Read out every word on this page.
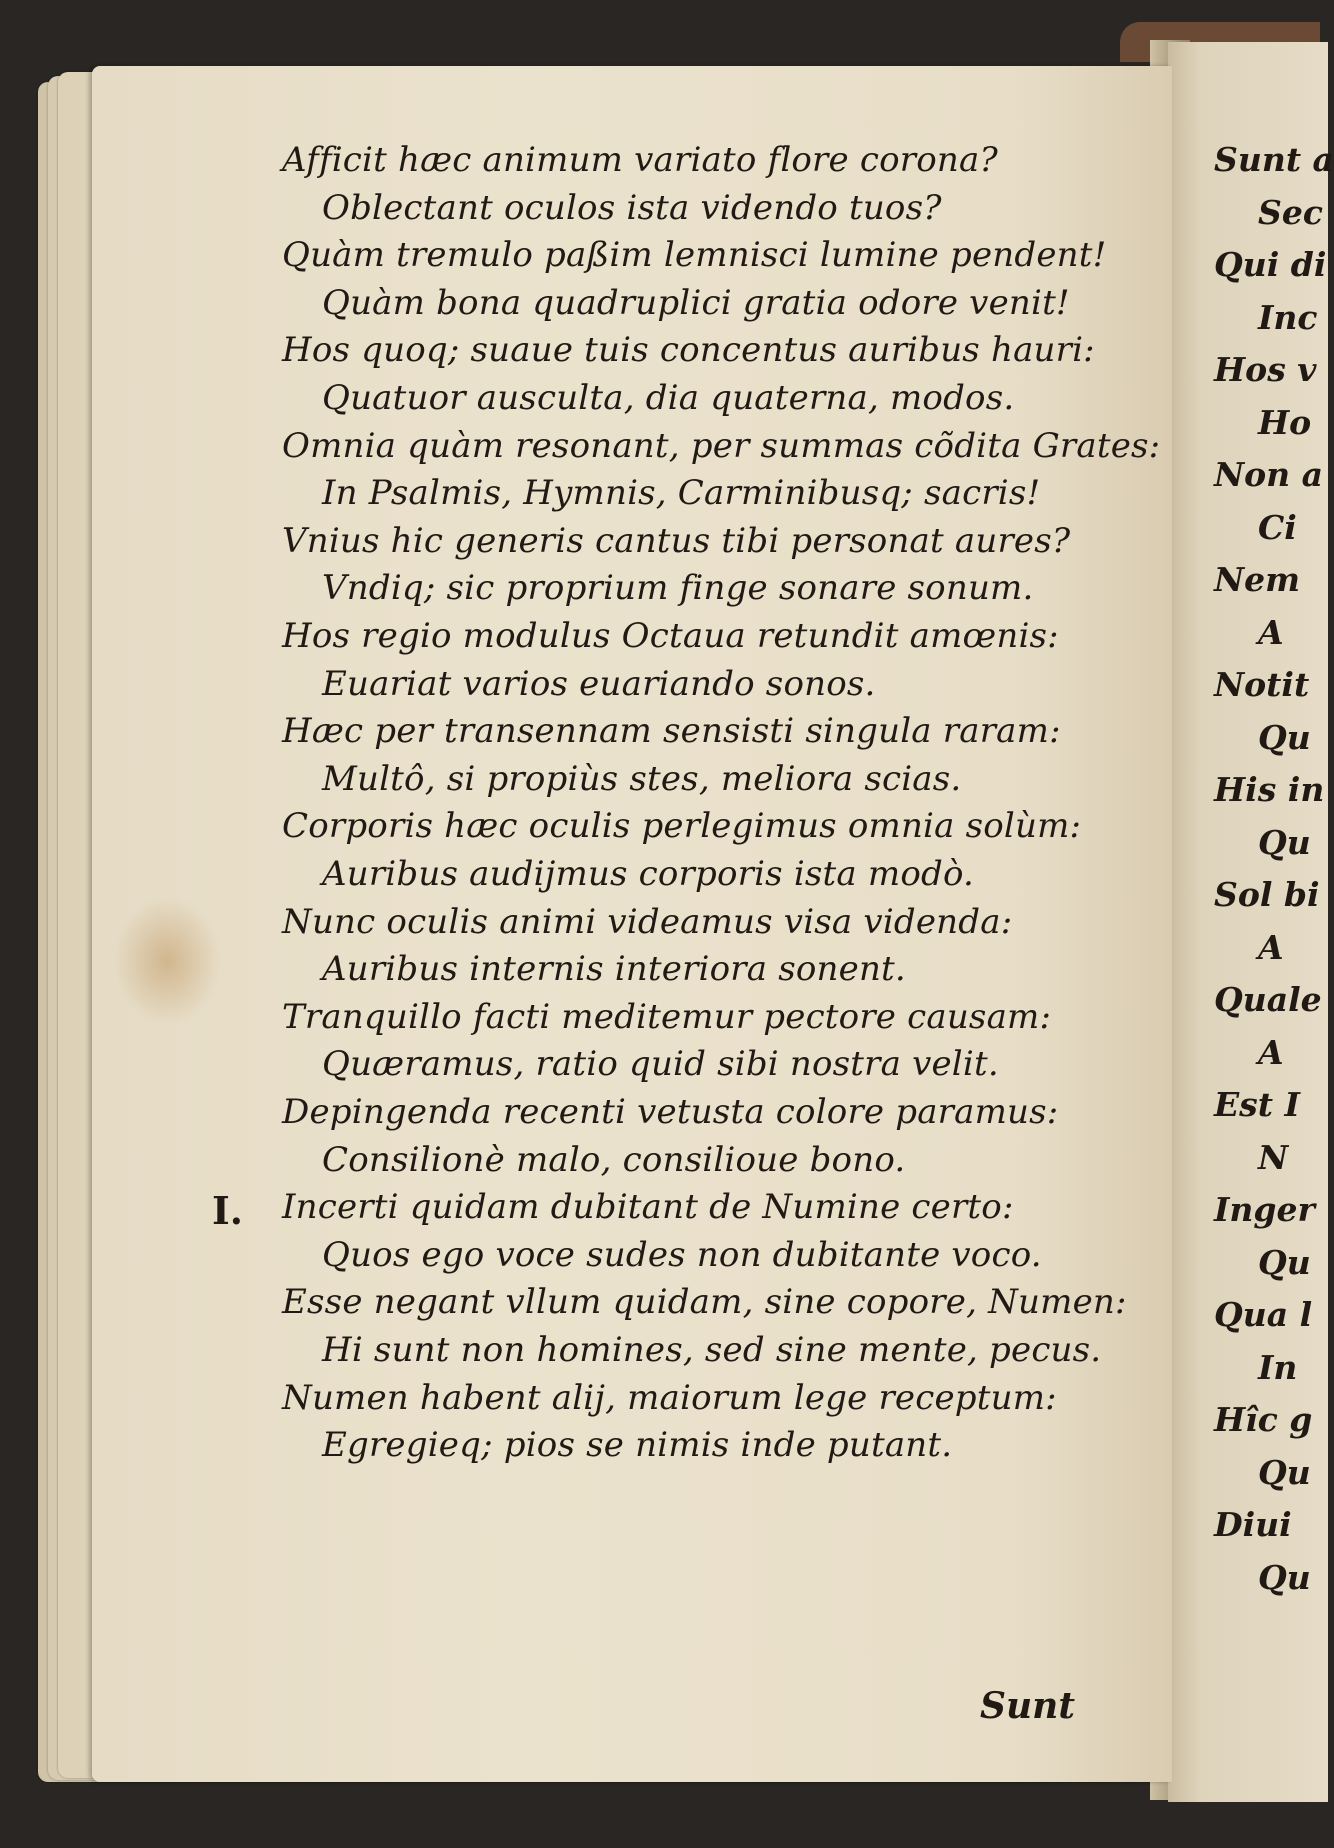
Afficit hæc animum variato flore corona?
Oblectant oculos ista videndo tuos?
Quàm tremulo paßim lemnisci lumine pendent!
Quàm bona quadruplici gratia odore venit!
Hos quoq; suaue tuis concentus auribus hauri:
Quatuor ausculta, dia quaterna, modos.
Omnia quàm resonant, per summas cõdita Grates:
In Psalmis, Hymnis, Carminibusq; sacris!
Vnius hic generis cantus tibi personat aures?
Vndiq; sic proprium finge sonare sonum.
Hos regio modulus Octaua retundit amœnis:
Euariat varios euariando sonos.
Hæc per transennam sensisti singula raram:
Multô, si propiùs stes, meliora scias.
Corporis hæc oculis perlegimus omnia solùm:
Auribus audijmus corporis ista modò.
Nunc oculis animi videamus visa videnda:
Auribus internis interiora sonent.
Tranquillo facti meditemur pectore causam:
Quæramus, ratio quid sibi nostra velit.
Depingenda recenti vetusta colore paramus:
Consilionè malo, consilioue bono.
Incerti quidam dubitant de Numine certo:
Quos ego voce sudes non dubitante voco.
Esse negant vllum quidam, sine copore, Numen:
Hi sunt non homines, sed sine mente, pecus.
Numen habent alij, maiorum lege receptum:
Egregieq; pios se nimis inde putant.
I.
Sunt
Sunt a
Sec
Qui di
Inc
Hos v
Ho
Non a
Ci
Nem
A
Notit
Qu
His in
Qu
Sol bi
A
Quale
A
Est I
N
Inger
Qu
Qua l
In
Hîc g
Qu
Diui
Qu
